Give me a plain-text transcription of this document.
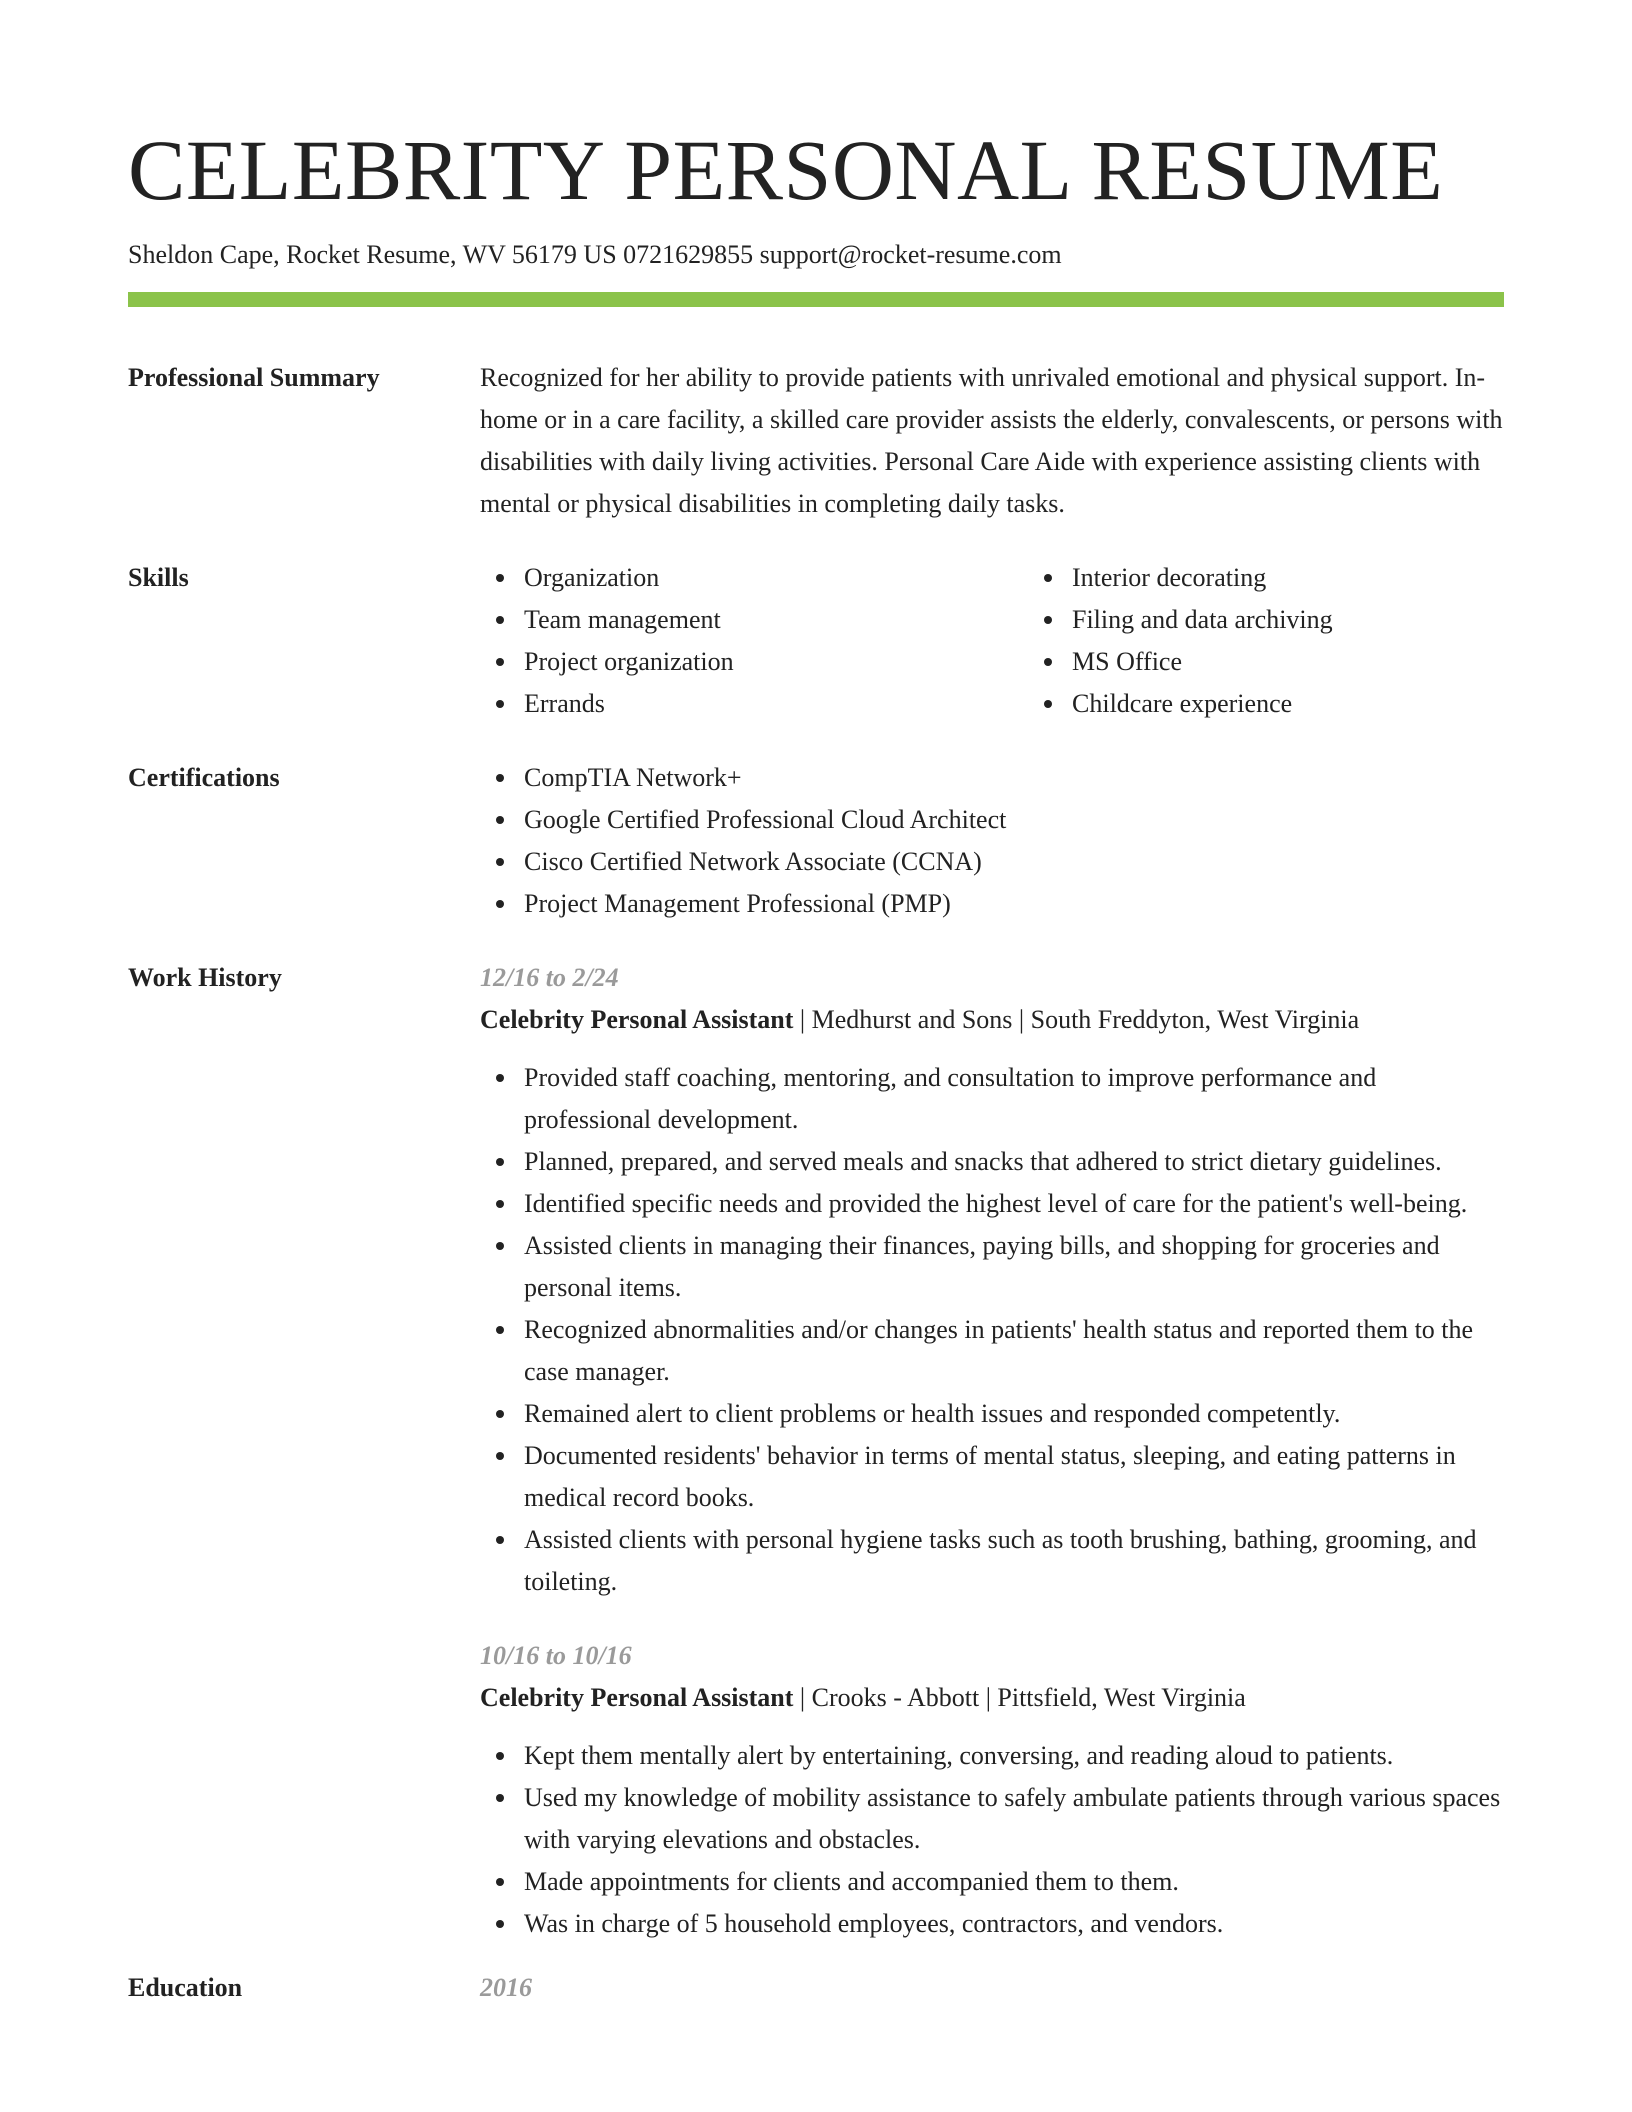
CELEBRITY PERSONAL RESUME
Sheldon Cape, Rocket Resume, WV 56179 US 0721629855 support@rocket-resume.com
Professional Summary	Recognized for her ability to provide patients with unrivaled emotional and physical support. In-home or in a care facility, a skilled care provider assists the elderly, convalescents, or persons with disabilities with daily living activities. Personal Care Aide with experience assisting clients with mental or physical disabilities in completing daily tasks.
Skills	Organization
Team management
Project organization
Errands
Interior decorating
Filing and data archiving
MS Office
Childcare experience
Certifications	CompTIA Network+
Google Certified Professional Cloud Architect
Cisco Certified Network Associate (CCNA)
Project Management Professional (PMP)
Work History	12/16 to 2/24
Celebrity Personal Assistant | Medhurst and Sons | South Freddyton, West Virginia
Provided staff coaching, mentoring, and consultation to improve performance and professional development.
Planned, prepared, and served meals and snacks that adhered to strict dietary guidelines.
Identified specific needs and provided the highest level of care for the patient's well-being.
Assisted clients in managing their finances, paying bills, and shopping for groceries and personal items.
Recognized abnormalities and/or changes in patients' health status and reported them to the case manager.
Remained alert to client problems or health issues and responded competently.
Documented residents' behavior in terms of mental status, sleeping, and eating patterns in medical record books.
Assisted clients with personal hygiene tasks such as tooth brushing, bathing, grooming, and toileting.
10/16 to 10/16
Celebrity Personal Assistant | Crooks - Abbott | Pittsfield, West Virginia
Kept them mentally alert by entertaining, conversing, and reading aloud to patients.
Used my knowledge of mobility assistance to safely ambulate patients through various spaces with varying elevations and obstacles.
Made appointments for clients and accompanied them to them.
Was in charge of 5 household employees, contractors, and vendors.
Education	2016
